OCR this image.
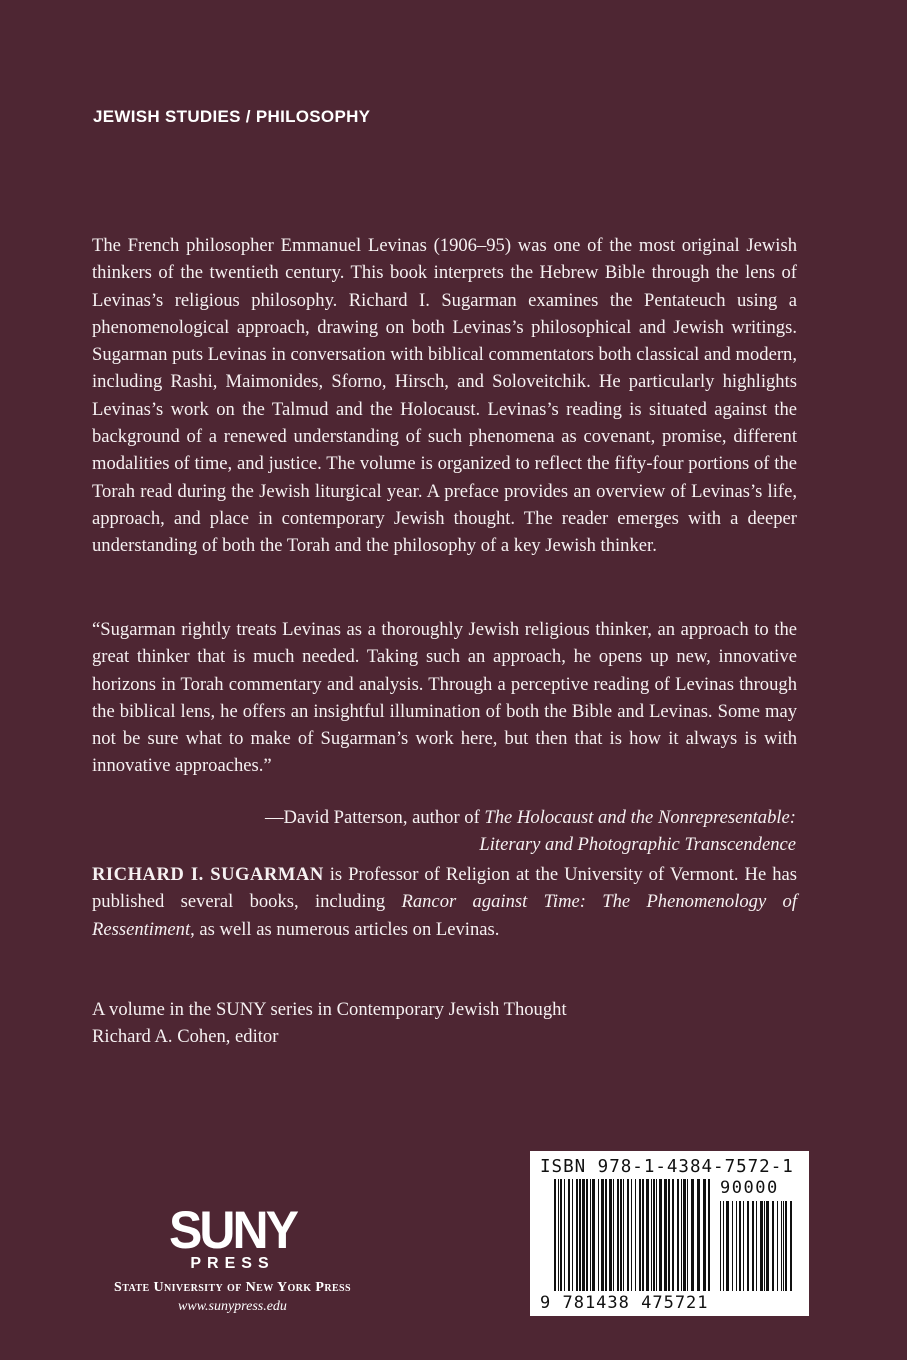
JEWISH STUDIES / PHILOSOPHY
The French philosopher Emmanuel Levinas (1906–95) was one of the most original Jewish thinkers of the twentieth century. This book interprets the Hebrew Bible through the lens of Levinas’s religious philosophy. Richard I. Sugarman examines the Pentateuch using a phenomenological approach, drawing on both Levinas’s philosophical and Jewish writings. Sugarman puts Levinas in conversation with biblical commentators both classical and modern, including Rashi, Maimonides, Sforno, Hirsch, and Soloveitchik. He particularly highlights Levinas’s work on the Talmud and the Holocaust. Levinas’s reading is situated against the background of a renewed understanding of such phenomena as covenant, promise, different modalities of time, and justice. The volume is organized to reflect the fifty-four portions of the Torah read during the Jewish liturgical year. A preface provides an overview of Levinas’s life, approach, and place in contemporary Jewish thought. The reader emerges with a deeper understanding of both the Torah and the philosophy of a key Jewish thinker.
“Sugarman rightly treats Levinas as a thoroughly Jewish religious thinker, an approach to the great thinker that is much needed. Taking such an approach, he opens up new, innovative horizons in Torah commentary and analysis. Through a perceptive reading of Levinas through the biblical lens, he offers an insightful illumination of both the Bible and Levinas. Some may not be sure what to make of Sugarman’s work here, but then that is how it always is with innovative approaches.”
—David Patterson, author of The Holocaust and the Nonrepresentable:
Literary and Photographic Transcendence
RICHARD I. SUGARMAN is Professor of Religion at the University of Vermont. He has published several books, including Rancor against Time: The Phenomenology of Ressentiment, as well as numerous articles on Levinas.
A volume in the SUNY series in Contemporary Jewish Thought
Richard A. Cohen, editor
SUNY
PRESS
State University of New York Press
www.sunypress.edu
ISBN 978-1-4384-7572-1
90000
9 781438 475721
